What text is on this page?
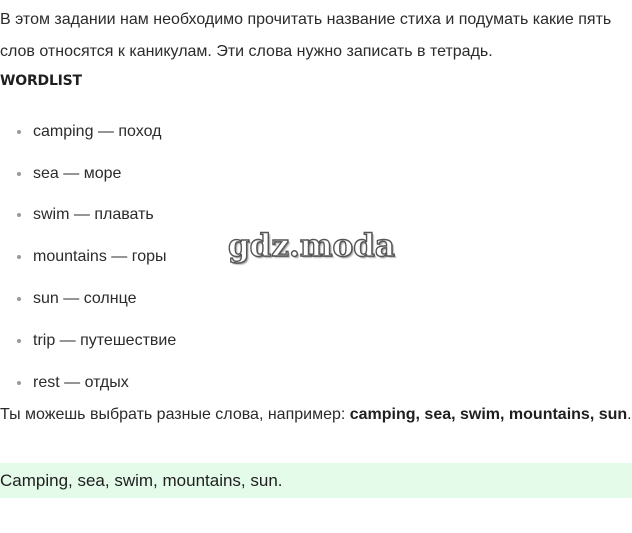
В этом задании нам необходимо прочитать название стиха и подумать какие пять слов относятся к каникулам. Эти слова нужно записать в тетрадь.

WORDLIST
camping — поход
sea — море
swim — плавать
mountains — горы
sun — солнце
trip — путешествие
rest — отдых

Ты можешь выбрать разные слова, например: camping, sea, swim, mountains, sun.

Camping, sea, swim, mountains, sun.
gdz.moda
